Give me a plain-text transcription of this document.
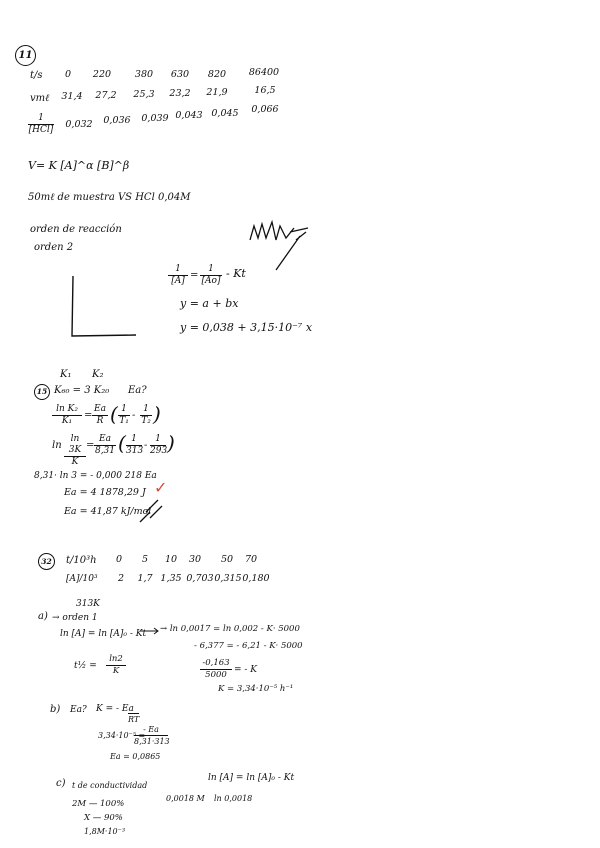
11
t/s	0	220	380	630	820	86400
vmℓ	31,4	27,2	25,3	23,2	21,9	16,5
1
[HCl]	0,032	0,036	0,039 0,043 0,045	0,066
V= K [A]^α [B]^β
50mℓ de muestra VS HCl 0,04M
orden de reacción
orden 2
$\frac{1}{[A]} = \frac{1}{[Ao]} - Kt$
y = a + bx
y = 0,038 + 3,15·10⁻⁷ x
K₁ K₂
15 K₆₀ = 3 K₂₀ Ea?
$\frac{\text{ln K₂}}{\text{K₁}} = \frac{Ea}{R}$ ( $\frac{1}{\text{T₁}} - \frac{1}{\text{T₂}}$ )
$\ln \frac{\ln 3K}{K} = \frac{Ea}{8,31}$ ( $\frac{1}{313} - \frac{1}{293}$ )
8,31· ln 3 = - 0,000 218 Ea
Ea = 4 1878,29 J ✓
Ea = 41,87 kJ/mol
32	t/10³h	0	5	10	30	50	70
[A]/10³	2	1,7 1,35 0,703 0,315 0,180
313K
a) → orden 1
ln [A] = ln [A]₀ - Kt → ln 0,0017 = ln 0,002 - K· 5000
- 6,377 = - 6,21 - K· 5000
t½ = $\frac{\ln 2}{K}$	$\frac{-0,163}{5000}$ = - K
K = 3,34·10⁻⁵ h⁻¹
b) Ea? K = - Ea
RT
3,34·10⁻⁵ =
$\frac{- Ea}{8,31\cdot 313}$
Ea = 0,0865
c) t de conductividad
ln [A] = ln [A]₀ - Kt
0,0018 M ln 0,0018
2M — 100%
X — 90%
1,8M·10⁻³
